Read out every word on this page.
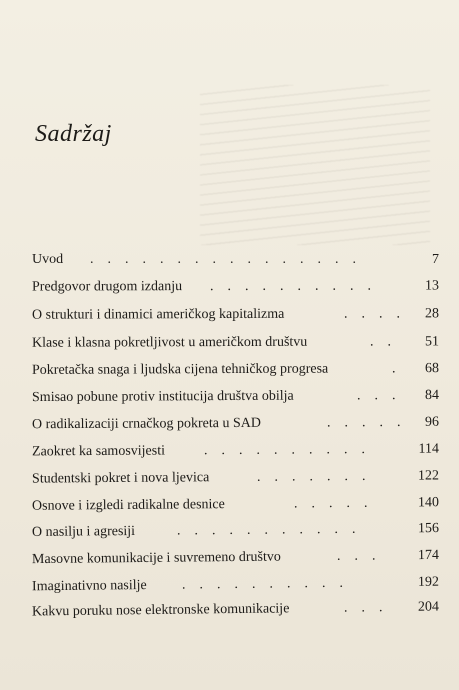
Sadržaj
Uvod .    .    .    .    .    .    .    .    .    .    .    .    .    .    .    .	7
Predgovor drugom izdanju .    .    .    .    .    .    .    .    .    .	13
O strukturi i dinamici američkog kapitalizma	.    .    .    .	28
Klase i klasna pokretljivost u američkom društvu	.    .	51
Pokretačka snaga i ljudska cijena tehničkog progresa	.	68
Smisao pobune protiv institucija društva obilja	.    .    .	84
O radikalizaciji crnačkog pokreta u SAD	.    .    .    .    .	96
Zaokret ka samosvijesti	.    .    .    .    .    .    .    .    .    .	114
Studentski pokret i nova ljevica	.    .    .    .    .    .    .	122
Osnove i izgledi radikalne desnice	.    .    .    .    .	140
O nasilju i agresiji	.    .    .    .    .    .    .    .    .    .    .	156
Masovne komunikacije i suvremeno društvo	.    .    .	174
Imaginativno nasilje	.    .    .    .    .    .    .    .    .    .	192
Kakvu poruku nose elektronske komunikacije	.    .    .	204
